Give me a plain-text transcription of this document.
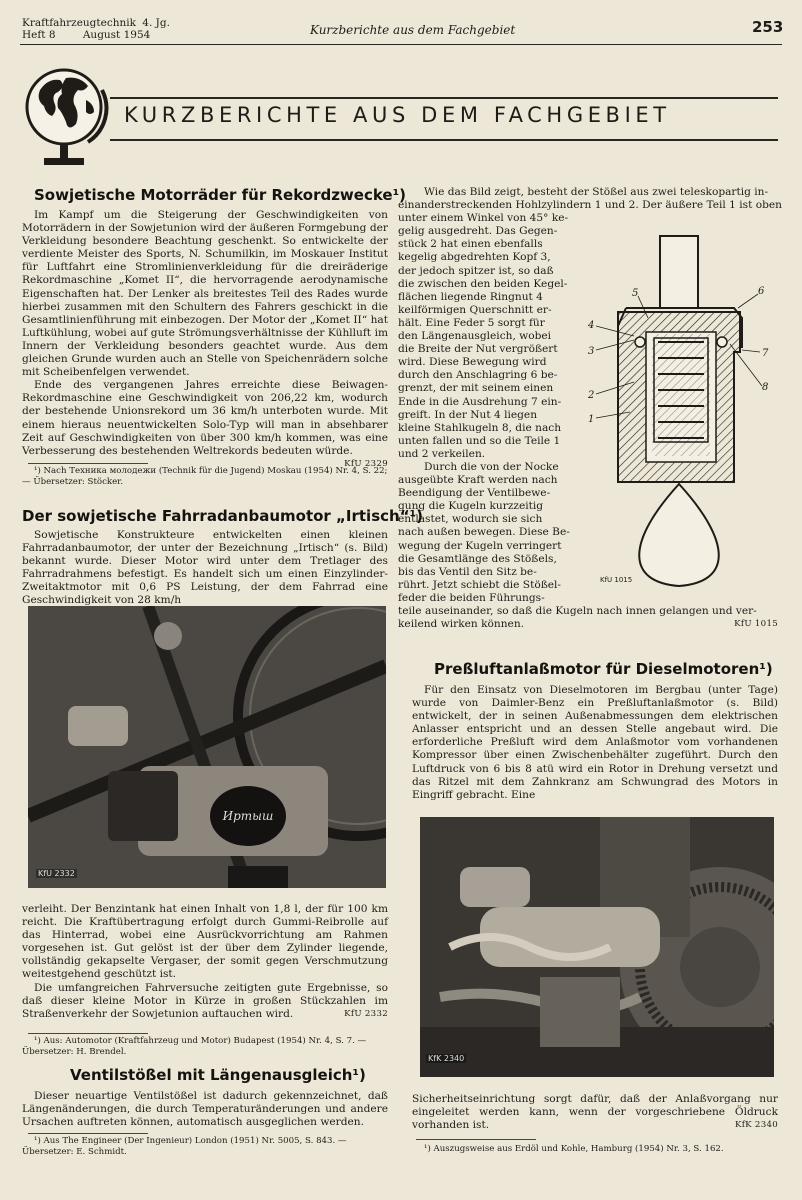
Kraftfahrzeugtechnik 4. Jg.
Heft 8	August 1954	Kurzberichte aus dem Fachgebiet	253
KURZBERICHTE AUS DEM FACHGEBIET
Sowjetische Motorräder für Rekordzwecke¹)

Im Kampf um die Steigerung der Geschwindigkeiten von Motorrädern in der Sowjetunion wird der äußeren Formgebung der Verkleidung besondere Beachtung geschenkt. So entwickelte der verdiente Meister des Sports, N. Schumilkin, im Moskauer Institut für Luftfahrt eine Stromlinienverkleidung für die dreiräderige Rekordmaschine „Komet II“, die hervorragende aerodynamische Eigenschaften hat. Der Lenker als breitestes Teil des Rades wurde hierbei zusammen mit den Schultern des Fahrers geschickt in die Gesamtlinienführung mit einbezogen. Der Motor der „Komet II“ hat Luftkühlung, wobei auf gute Strömungsverhältnisse der Kühlluft im Innern der Verkleidung besonders geachtet wurde. Aus dem gleichen Grunde wurden auch an Stelle von Speichenrädern solche mit Scheibenfelgen verwendet.

Ende des vergangenen Jahres erreichte diese Beiwagen-Rekordmaschine eine Geschwindigkeit von 206,22 km, wodurch der bestehende Unionsrekord um 36 km/h unterboten wurde. Mit einem hieraus neuentwickelten Solo-Typ will man in absehbarer Zeit auf Geschwindigkeiten von über 300 km/h kommen, was eine Verbesserung des bestehenden Weltrekords bedeuten würde.
KfU 2329

¹) Nach Техника молодежи (Technik für die Jugend) Moskau (1954) Nr. 4, S. 22; — Übersetzer: Stöcker.
Der sowjetische Fahrradanbaumotor „Irtisch“¹)

Sowjetische Konstrukteure entwickelten einen kleinen Fahrradanbaumotor, der unter der Bezeichnung „Irtisch“ (s. Bild) bekannt wurde. Dieser Motor wird unter dem Tretlager des Fahrradrahmens befestigt. Es handelt sich um einen Einzylinder-Zweitaktmotor mit 0,6 PS Leistung, der dem Fahrrad eine Geschwindigkeit von 28 km/h

Иртыш
KfU 2332

verleiht. Der Benzintank hat einen Inhalt von 1,8 l, der für 100 km reicht. Die Kraftübertragung erfolgt durch Gummi-Reibrolle auf das Hinterrad, wobei eine Ausrückvorrichtung am Rahmen vorgesehen ist. Gut gelöst ist der über dem Zylinder liegende, vollständig gekapselte Vergaser, der somit gegen Verschmutzung weitestgehend geschützt ist.

Die umfangreichen Fahrversuche zeitigten gute Ergebnisse, so daß dieser kleine Motor in Kürze in großen Stückzahlen im Straßenverkehr der Sowjetunion auftauchen wird.	KfU 2332

¹) Aus: Automotor (Kraftfahrzeug und Motor) Budapest (1954) Nr. 4, S. 7. —
Übersetzer: H. Brendel.
Ventilstößel mit Längenausgleich¹)

Dieser neuartige Ventilstößel ist dadurch gekennzeichnet, daß Längenänderungen, die durch Temperaturänderungen und andere Ursachen auftreten können, automatisch ausgeglichen werden.

¹) Aus The Engineer (Der Ingenieur) London (1951) Nr. 5005, S. 843. —
Übersetzer: E. Schmidt.
Wie das Bild zeigt, besteht der Stößel aus zwei teleskopartig in-
einanderstreckenden Hohlzylindern 1 und 2. Der äußere Teil 1 ist oben
unter einem Winkel von 45° ke-
gelig ausgedreht. Das Gegen-
stück 2 hat einen ebenfalls
kegelig abgedrehten Kopf 3,
der jedoch spitzer ist, so daß
die zwischen den beiden Kegel-
flächen liegende Ringnut 4
keilförmigen Querschnitt er-
hält. Eine Feder 5 sorgt für
den Längenausgleich, wobei
die Breite der Nut vergrößert
wird. Diese Bewegung wird
durch den Anschlagring 6 be-
grenzt, der mit seinem einen
Ende in die Ausdrehung 7 ein-
greift. In der Nut 4 liegen
kleine Stahlkugeln 8, die nach
unten fallen und so die Teile 1
und 2 verkeilen.
Durch die von der Nocke
ausgeübte Kraft werden nach
Beendigung der Ventilbewe-
gung die Kugeln kurzzeitig
entlastet, wodurch sie sich
nach außen bewegen. Diese Be-
wegung der Kugeln verringert
die Gesamtlänge des Stößels,
bis das Ventil den Sitz be-
rührt. Jetzt schiebt die Stößel-
feder die beiden Führungs-
teile auseinander, so daß die Kugeln nach innen gelangen und ver-
keilend wirken können.	KfU 1015
1
2
3
4
5	6
7
8
KfU 1015
Preßluftanlaßmotor für Dieselmotoren¹)

Für den Einsatz von Dieselmotoren im Bergbau (unter Tage) wurde von Daimler-Benz ein Preßluftanlaßmotor (s. Bild) entwickelt, der in seinen Außenabmessungen dem elektrischen Anlasser entspricht und an dessen Stelle angebaut wird. Die erforderliche Preßluft wird dem Anlaßmotor vom vorhandenen Kompressor über einen Zwischenbehälter zugeführt. Durch den Luftdruck von 6 bis 8 atü wird ein Rotor in Drehung versetzt und das Ritzel mit dem Zahnkranz am Schwungrad des Motors in Eingriff gebracht. Eine

KfK 2340

Sicherheitseinrichtung sorgt dafür, daß der Anlaßvorgang nur eingeleitet werden kann, wenn der vorgeschriebene Öldruck vorhanden ist.	KfK 2340

¹) Auszugsweise aus Erdöl und Kohle, Hamburg (1954) Nr. 3, S. 162.
